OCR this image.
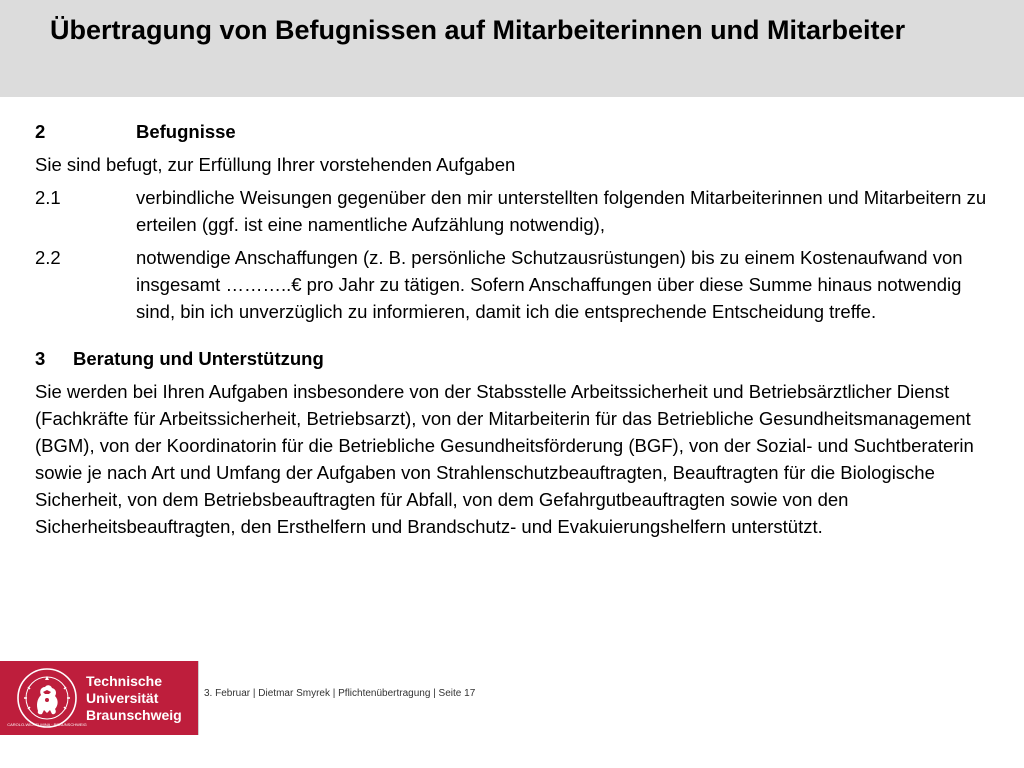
Übertragung von Befugnissen auf Mitarbeiterinnen und Mitarbeiter
2	Befugnisse
Sie sind befugt, zur Erfüllung Ihrer vorstehenden Aufgaben
2.1	verbindliche Weisungen gegenüber den mir unterstellten folgenden Mitarbeiterinnen und Mitarbeitern zu erteilen (ggf. ist eine namentliche Aufzählung notwendig),
2.2	notwendige Anschaffungen (z. B. persönliche Schutzausrüstungen) bis zu einem Kostenaufwand von insgesamt ………..€ pro Jahr zu tätigen. Sofern Anschaffungen über diese Summe hinaus notwendig sind, bin ich unverzüglich zu informieren, damit ich die entsprechende Entscheidung treffe.
3	Beratung und Unterstützung
Sie werden bei Ihren Aufgaben insbesondere von der Stabsstelle Arbeitssicherheit und Betriebsärztlicher Dienst (Fachkräfte für Arbeitssicherheit, Betriebsarzt), von der Mitarbeiterin für das Betriebliche Gesundheitsmanagement (BGM), von der Koordinatorin für die Betriebliche Gesundheitsförderung (BGF), von der Sozial- und Suchtberaterin sowie je nach Art und Umfang der Aufgaben von Strahlenschutzbeauftragten, Beauftragten für die Biologische Sicherheit, von dem Betriebsbeauftragten für Abfall, von dem Gefahrgutbeauftragten sowie von den Sicherheitsbeauftragten, den Ersthelfern und Brandschutz- und Evakuierungshelfern unterstützt.
CAROLO-WILHELMINA · BRAUNSCHWEIG
Technische
Universität
Braunschweig
3. Februar | Dietmar Smyrek | Pflichtenübertragung | Seite 17
